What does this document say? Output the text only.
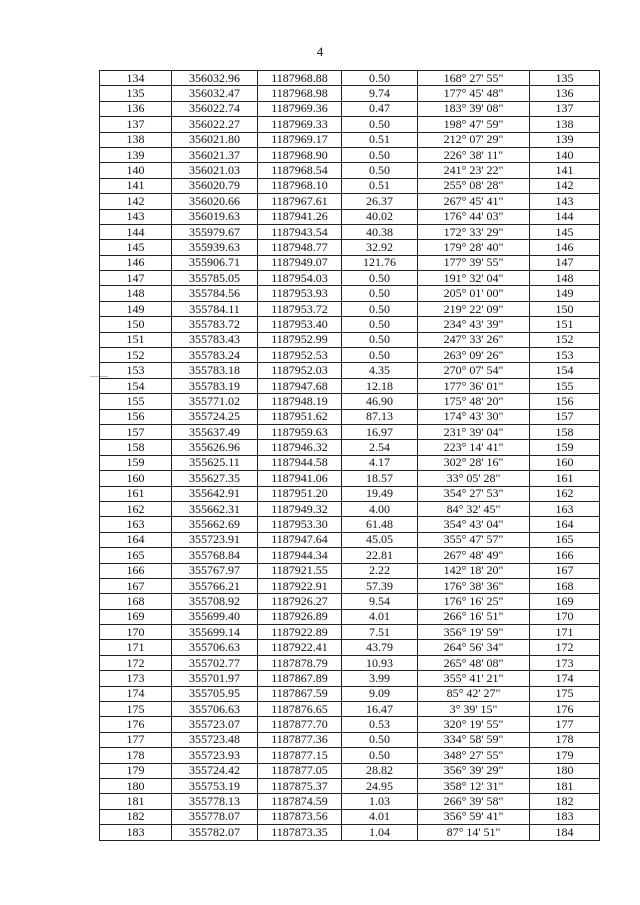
4
134	356032.96	1187968.88	0.50	168° 27' 55"	135
135	356032.47	1187968.98	9.74	177° 45' 48"	136
136	356022.74	1187969.36	0.47	183° 39' 08"	137
137	356022.27	1187969.33	0.50	198° 47' 59"	138
138	356021.80	1187969.17	0.51	212° 07' 29"	139
139	356021.37	1187968.90	0.50	226° 38' 11"	140
140	356021.03	1187968.54	0.50	241° 23' 22"	141
141	356020.79	1187968.10	0.51	255° 08' 28"	142
142	356020.66	1187967.61	26.37	267° 45' 41"	143
143	356019.63	1187941.26	40.02	176° 44' 03"	144
144	355979.67	1187943.54	40.38	172° 33' 29"	145
145	355939.63	1187948.77	32.92	179° 28' 40"	146
146	355906.71	1187949.07	121.76	177° 39' 55"	147
147	355785.05	1187954.03	0.50	191° 32' 04"	148
148	355784.56	1187953.93	0.50	205° 01' 00"	149
149	355784.11	1187953.72	0.50	219° 22' 09"	150
150	355783.72	1187953.40	0.50	234° 43' 39"	151
151	355783.43	1187952.99	0.50	247° 33' 26"	152
152	355783.24	1187952.53	0.50	263° 09' 26"	153
153	355783.18	1187952.03	4.35	270° 07' 54"	154
154	355783.19	1187947.68	12.18	177° 36' 01"	155
155	355771.02	1187948.19	46.90	175° 48' 20"	156
156	355724.25	1187951.62	87.13	174° 43' 30"	157
157	355637.49	1187959.63	16.97	231° 39' 04"	158
158	355626.96	1187946.32	2.54	223° 14' 41"	159
159	355625.11	1187944.58	4.17	302° 28' 16"	160
160	355627.35	1187941.06	18.57	33° 05' 28"	161
161	355642.91	1187951.20	19.49	354° 27' 53"	162
162	355662.31	1187949.32	4.00	84° 32' 45"	163
163	355662.69	1187953.30	61.48	354° 43' 04"	164
164	355723.91	1187947.64	45.05	355° 47' 57"	165
165	355768.84	1187944.34	22.81	267° 48' 49"	166
166	355767.97	1187921.55	2.22	142° 18' 20"	167
167	355766.21	1187922.91	57.39	176° 38' 36"	168
168	355708.92	1187926.27	9.54	176° 16' 25"	169
169	355699.40	1187926.89	4.01	266° 16' 51"	170
170	355699.14	1187922.89	7.51	356° 19' 59"	171
171	355706.63	1187922.41	43.79	264° 56' 34"	172
172	355702.77	1187878.79	10.93	265° 48' 08"	173
173	355701.97	1187867.89	3.99	355° 41' 21"	174
174	355705.95	1187867.59	9.09	85° 42' 27"	175
175	355706.63	1187876.65	16.47	3° 39' 15"	176
176	355723.07	1187877.70	0.53	320° 19' 55"	177
177	355723.48	1187877.36	0.50	334° 58' 59"	178
178	355723.93	1187877.15	0.50	348° 27' 55"	179
179	355724.42	1187877.05	28.82	356° 39' 29"	180
180	355753.19	1187875.37	24.95	358° 12' 31"	181
181	355778.13	1187874.59	1.03	266° 39' 58"	182
182	355778.07	1187873.56	4.01	356° 59' 41"	183
183	355782.07	1187873.35	1.04	87° 14' 51"	184
